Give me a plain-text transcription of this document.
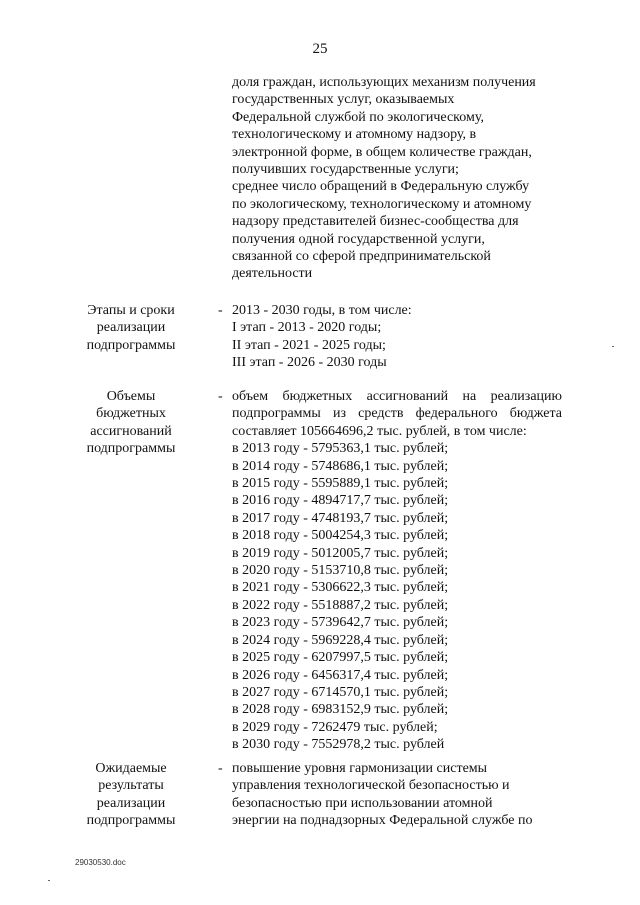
25
доля граждан, использующих механизм получения
государственных услуг, оказываемых
Федеральной службой по экологическому,
технологическому и атомному надзору, в
электронной форме, в общем количестве граждан,
получивших государственные услуги;
среднее число обращений в Федеральную службу
по экологическому, технологическому и атомному
надзору представителей бизнес-сообщества для
получения одной государственной услуги,
связанной со сферой предпринимательской
деятельности
Этапы и сроки
реализации
подпрограммы
- 2013 - 2030 годы, в том числе:
I этап - 2013 - 2020 годы;
II этап - 2021 - 2025 годы;
III этап - 2026 - 2030 годы
Объемы
бюджетных
ассигнований
подпрограммы
- объем бюджетных ассигнований на реализацию подпрограммы из средств федерального бюджета составляет 105664696,2 тыс. рублей, в том числе:
в 2013 году - 5795363,1 тыс. рублей;
в 2014 году - 5748686,1 тыс. рублей;
в 2015 году - 5595889,1 тыс. рублей;
в 2016 году - 4894717,7 тыс. рублей;
в 2017 году - 4748193,7 тыс. рублей;
в 2018 году - 5004254,3 тыс. рублей;
в 2019 году - 5012005,7 тыс. рублей;
в 2020 году - 5153710,8 тыс. рублей;
в 2021 году - 5306622,3 тыс. рублей;
в 2022 году - 5518887,2 тыс. рублей;
в 2023 году - 5739642,7 тыс. рублей;
в 2024 году - 5969228,4 тыс. рублей;
в 2025 году - 6207997,5 тыс. рублей;
в 2026 году - 6456317,4 тыс. рублей;
в 2027 году - 6714570,1 тыс. рублей;
в 2028 году - 6983152,9 тыс. рублей;
в 2029 году - 7262479 тыс. рублей;
в 2030 году - 7552978,2 тыс. рублей
Ожидаемые
результаты
реализации
подпрограммы
- повышение уровня гармонизации системы
управления технологической безопасностью и
безопасностью при использовании атомной
энергии на поднадзорных Федеральной службе по
29030530.doc
